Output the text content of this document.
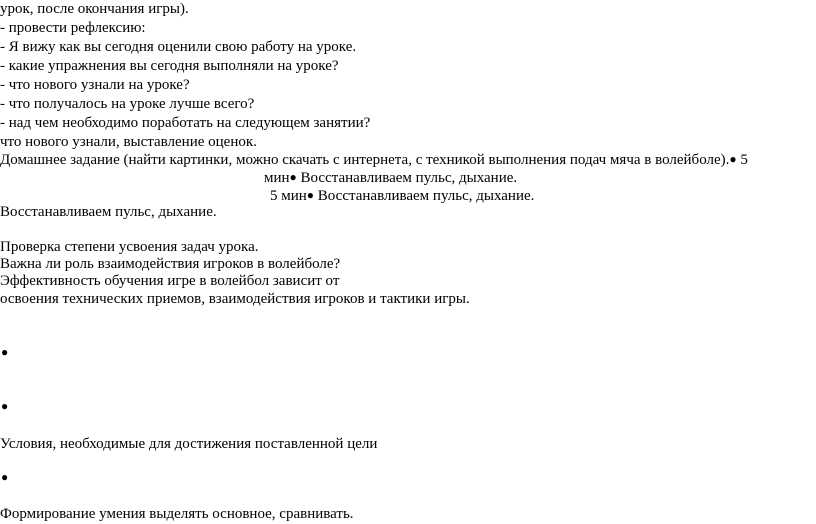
урок, после окончания игры).
- провести рефлексию:
- Я вижу как вы сегодня оценили свою работу на уроке.
- какие упражнения вы сегодня выполняли на уроке?
- что нового узнали на уроке?
- что получалось на уроке лучше всего?
- над чем необходимо поработать на следующем занятии?
что нового узнали, выставление оценок.
Домашнее задание (найти картинки, можно скачать с интернета, с техникой выполнения подач мяча в волейболе).● 5
мин● Восстанавливаем пульс, дыхание.
5 мин● Восстанавливаем пульс, дыхание.
Восстанавливаем пульс, дыхание.
Проверка степени усвоения задач урока.
Важна ли роль взаимодействия игроков в волейболе?
Эффективность обучения игре в волейбол зависит от
освоения технических приемов, взаимодействия игроков и тактики игры.
●
●
Условия, необходимые для достижения поставленной цели
●
Формирование умения выделять основное, сравнивать.
